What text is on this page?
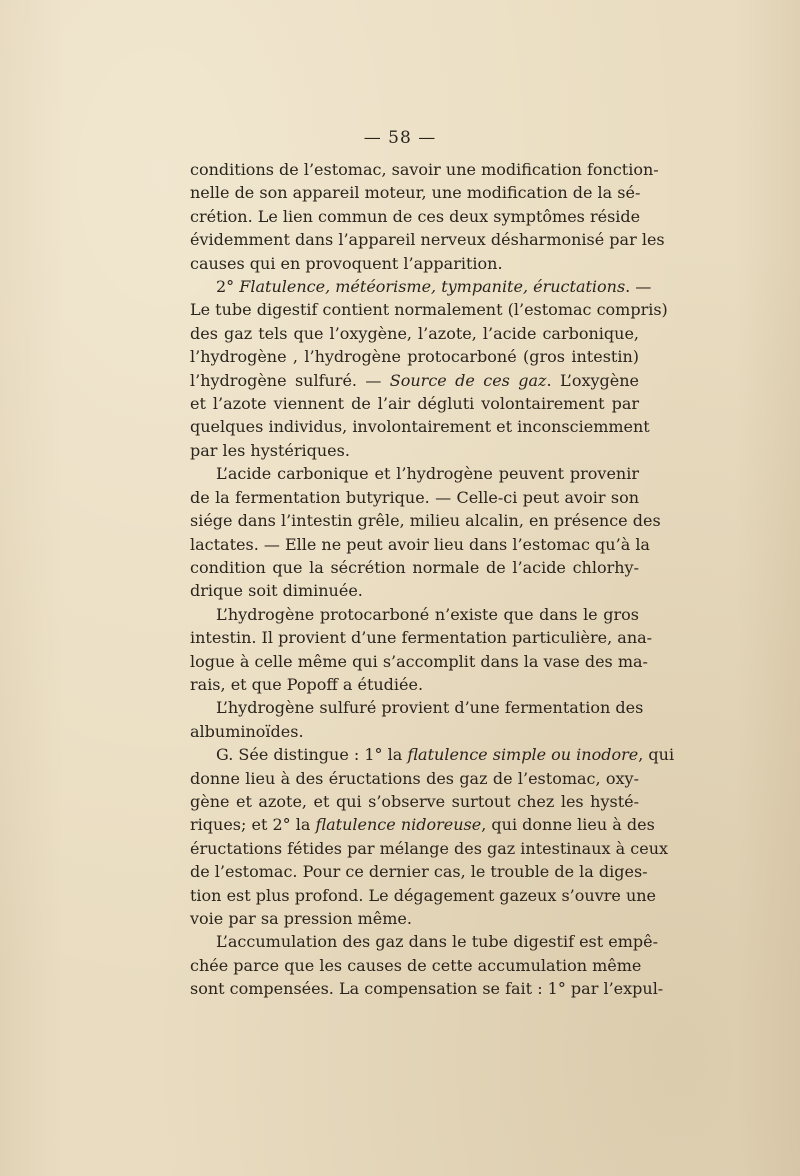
— 58 —
conditions de l’estomac, savoir une modification fonction-
nelle de son appareil moteur, une modification de la sé-
crétion. Le lien commun de ces deux symptômes réside
évidemment dans l’appareil nerveux désharmonisé par les
causes qui en provoquent l’apparition.
2° Flatulence, météorisme, tympanite, éructations. —
Le tube digestif contient normalement (l’estomac compris)
des gaz tels que l’oxygène, l’azote, l’acide carbonique,
l’hydrogène , l’hydrogène protocarboné (gros intestin)
l’hydrogène sulfuré. — Source de ces gaz. L’oxygène
et l’azote viennent de l’air dégluti volontairement par
quelques individus, involontairement et inconsciemment
par les hystériques.
L’acide carbonique et l’hydrogène peuvent provenir
de la fermentation butyrique. — Celle-ci peut avoir son
siége dans l’intestin grêle, milieu alcalin, en présence des
lactates. — Elle ne peut avoir lieu dans l’estomac qu’à la
condition que la sécrétion normale de l’acide chlorhy-
drique soit diminuée.
L’hydrogène protocarboné n’existe que dans le gros
intestin. Il provient d’une fermentation particulière, ana-
logue à celle même qui s’accomplit dans la vase des ma-
rais, et que Popoff a étudiée.
L’hydrogène sulfuré provient d’une fermentation des
albuminoïdes.
G. Sée distingue : 1° la flatulence simple ou inodore, qui
donne lieu à des éructations des gaz de l’estomac, oxy-
gène et azote, et qui s’observe surtout chez les hysté-
riques; et 2° la flatulence nidoreuse, qui donne lieu à des
éructations fétides par mélange des gaz intestinaux à ceux
de l’estomac. Pour ce dernier cas, le trouble de la diges-
tion est plus profond. Le dégagement gazeux s’ouvre une
voie par sa pression même.
L’accumulation des gaz dans le tube digestif est empê-
chée parce que les causes de cette accumulation même
sont compensées. La compensation se fait : 1° par l’expul-
